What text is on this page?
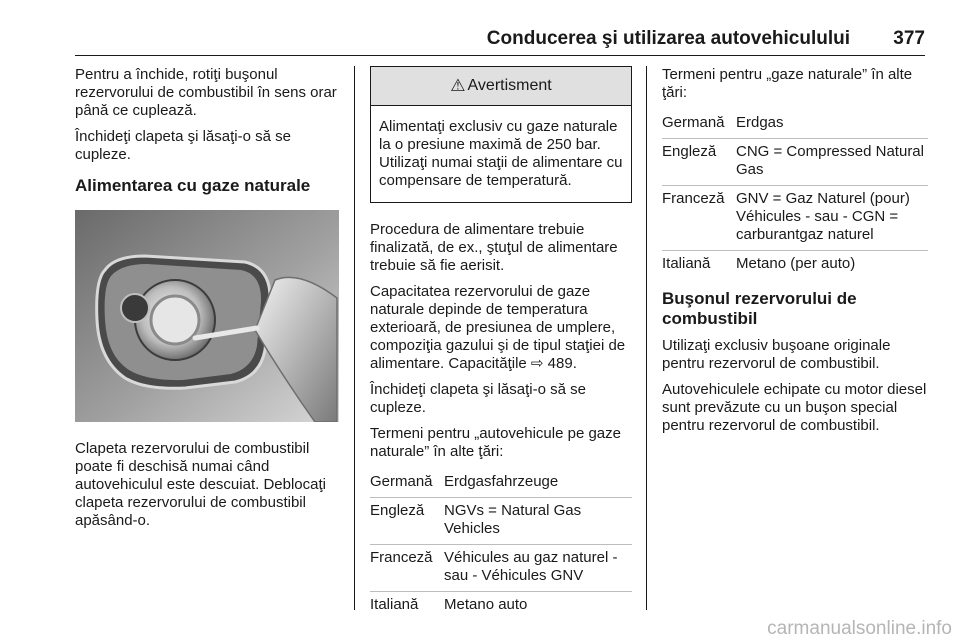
Conducerea şi utilizarea autovehiculului 377

Pentru a închide, rotiţi buşonul rezervorului de combustibil în sens orar până ce cuplează.

Închideţi clapeta şi lăsaţi-o să se cupleze.

Alimentarea cu gaze naturale

Clapeta rezervorului de combustibil poate fi deschisă numai când autovehiculul este descuiat. Deblocaţi clapeta rezervorului de combustibil apăsând-o.

⚠ Avertisment
Alimentaţi exclusiv cu gaze naturale la o presiune maximă de 250 bar. Utilizaţi numai staţii de alimentare cu compensare de temperatură.

Procedura de alimentare trebuie finalizată, de ex., ştuţul de alimentare trebuie să fie aerisit.

Capacitatea rezervorului de gaze naturale depinde de temperatura exterioară, de presiunea de umplere, compoziţia gazului şi de tipul staţiei de alimentare. Capacităţile ⇨ 489.

Închideţi clapeta şi lăsaţi-o să se cupleze.

Termeni pentru „autovehicule pe gaze naturale” în alte ţări:

Germană	Erdgasfahrzeuge
Engleză	NGVs = Natural Gas Vehicles
Franceză	Véhicules au gaz naturel - sau - Véhicules GNV
Italiană	Metano auto

Termeni pentru „gaze naturale” în alte ţări:

Germană	Erdgas
Engleză	CNG = Compressed Natural Gas
Franceză	GNV = Gaz Naturel (pour) Véhicules - sau - CGN = carburantgaz naturel
Italiană	Metano (per auto)
Buşonul rezervorului de combustibil

Utilizaţi exclusiv buşoane originale pentru rezervorul de combustibil.

Autovehiculele echipate cu motor diesel sunt prevăzute cu un buşon special pentru rezervorul de combustibil.

carmanualsonline.info
